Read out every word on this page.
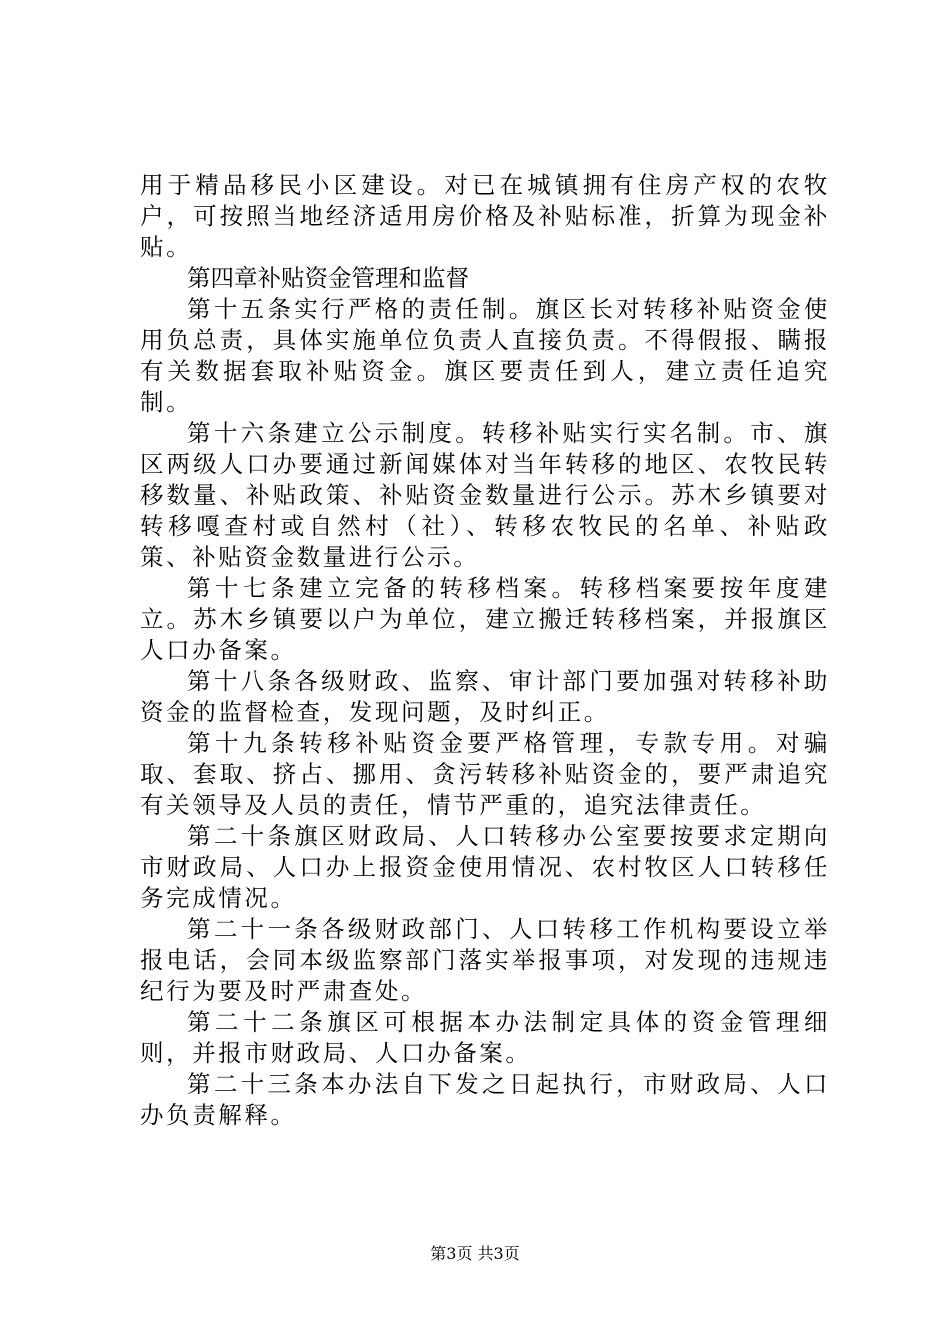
用于精品移民小区建设。对已在城镇拥有住房产权的农牧户，可按照当地经济适用房价格及补贴标准，折算为现金补贴。

第四章补贴资金管理和监督

第十五条实行严格的责任制。旗区长对转移补贴资金使用负总责，具体实施单位负责人直接负责。不得假报、瞒报有关数据套取补贴资金。旗区要责任到人，建立责任追究制。

第十六条建立公示制度。转移补贴实行实名制。市、旗区两级人口办要通过新闻媒体对当年转移的地区、农牧民转移数量、补贴政策、补贴资金数量进行公示。苏木乡镇要对转移嘎查村或自然村（社）、转移农牧民的名单、补贴政策、补贴资金数量进行公示。

第十七条建立完备的转移档案。转移档案要按年度建立。苏木乡镇要以户为单位，建立搬迁转移档案，并报旗区人口办备案。

第十八条各级财政、监察、审计部门要加强对转移补助资金的监督检查，发现问题，及时纠正。

第十九条转移补贴资金要严格管理，专款专用。对骗取、套取、挤占、挪用、贪污转移补贴资金的，要严肃追究有关领导及人员的责任，情节严重的，追究法律责任。

第二十条旗区财政局、人口转移办公室要按要求定期向市财政局、人口办上报资金使用情况、农村牧区人口转移任务完成情况。

第二十一条各级财政部门、人口转移工作机构要设立举报电话，会同本级监察部门落实举报事项，对发现的违规违纪行为要及时严肃查处。

第二十二条旗区可根据本办法制定具体的资金管理细则，并报市财政局、人口办备案。

第二十三条本办法自下发之日起执行，市财政局、人口办负责解释。

第3页 共3页
